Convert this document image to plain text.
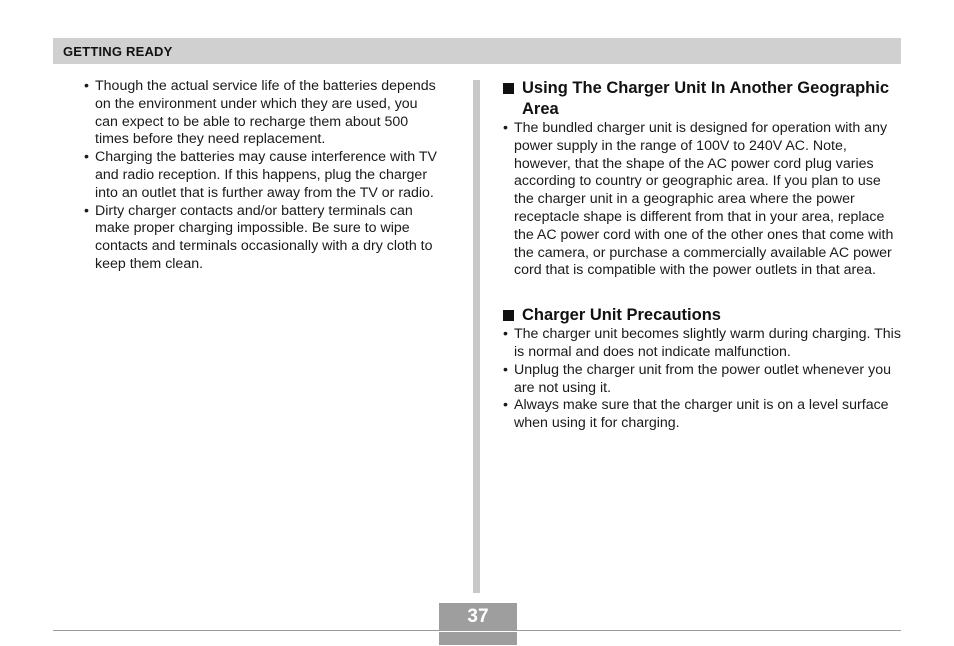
GETTING READY
• Though the actual service life of the batteries depends on the environment under which they are used, you can expect to be able to recharge them about 500 times before they need replacement.
• Charging the batteries may cause interference with TV and radio reception. If this happens, plug the charger into an outlet that is further away from the TV or radio.
• Dirty charger contacts and/or battery terminals can make proper charging impossible. Be sure to wipe contacts and terminals occasionally with a dry cloth to keep them clean.
Using The Charger Unit In Another Geographic Area
• The bundled charger unit is designed for operation with any power supply in the range of 100V to 240V AC. Note, however, that the shape of the AC power cord plug varies according to country or geographic area. If you plan to use the charger unit in a geographic area where the power receptacle shape is different from that in your area, replace the AC power cord with one of the other ones that come with the camera, or purchase a commercially available AC power cord that is compatible with the power outlets in that area.
Charger Unit Precautions
• The charger unit becomes slightly warm during charging. This is normal and does not indicate malfunction.
• Unplug the charger unit from the power outlet whenever you are not using it.
• Always make sure that the charger unit is on a level surface when using it for charging.
37
